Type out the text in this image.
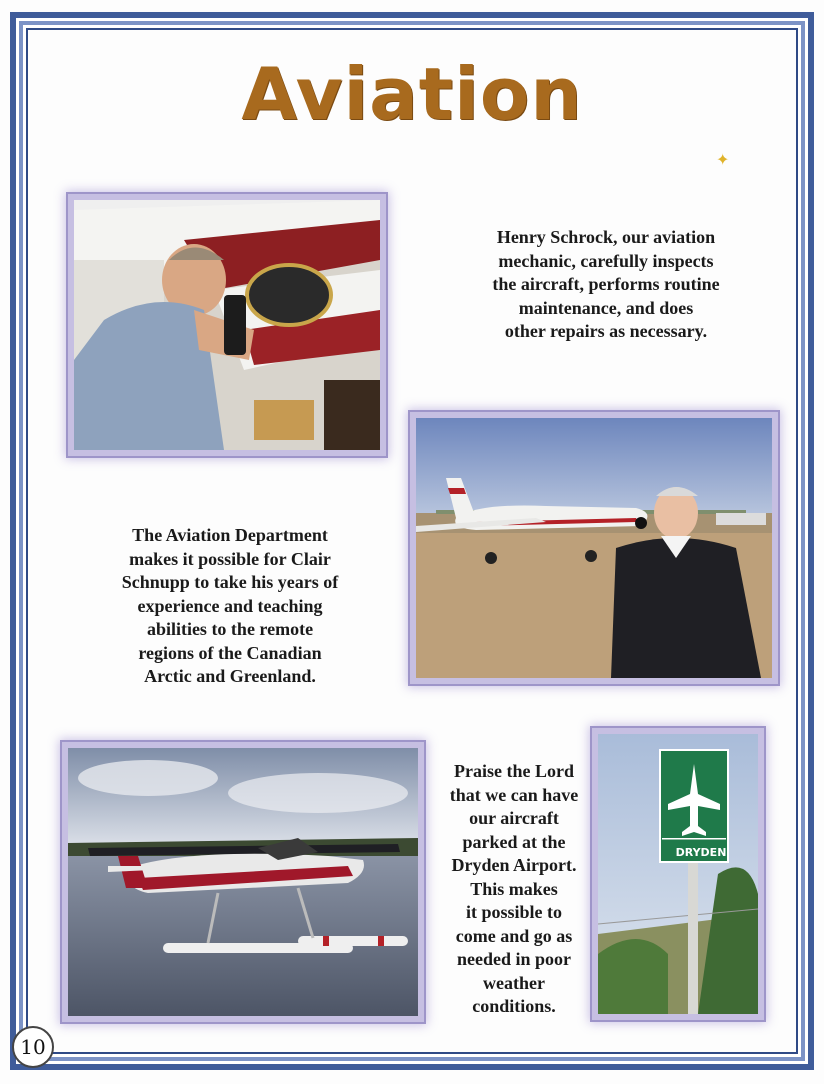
Aviation
✦
Henry Schrock, our aviation
mechanic, carefully inspects
the aircraft, performs routine
maintenance, and does
other repairs as necessary.
The Aviation Department
makes it possible for Clair
Schnupp to take his years of
experience and teaching
abilities to the remote
regions of the Canadian
Arctic and Greenland.
Praise the Lord
that we can have
our aircraft
parked at the
Dryden Airport.
This makes
it possible to
come and go as
needed in poor
weather
conditions.
DRYDEN
10
